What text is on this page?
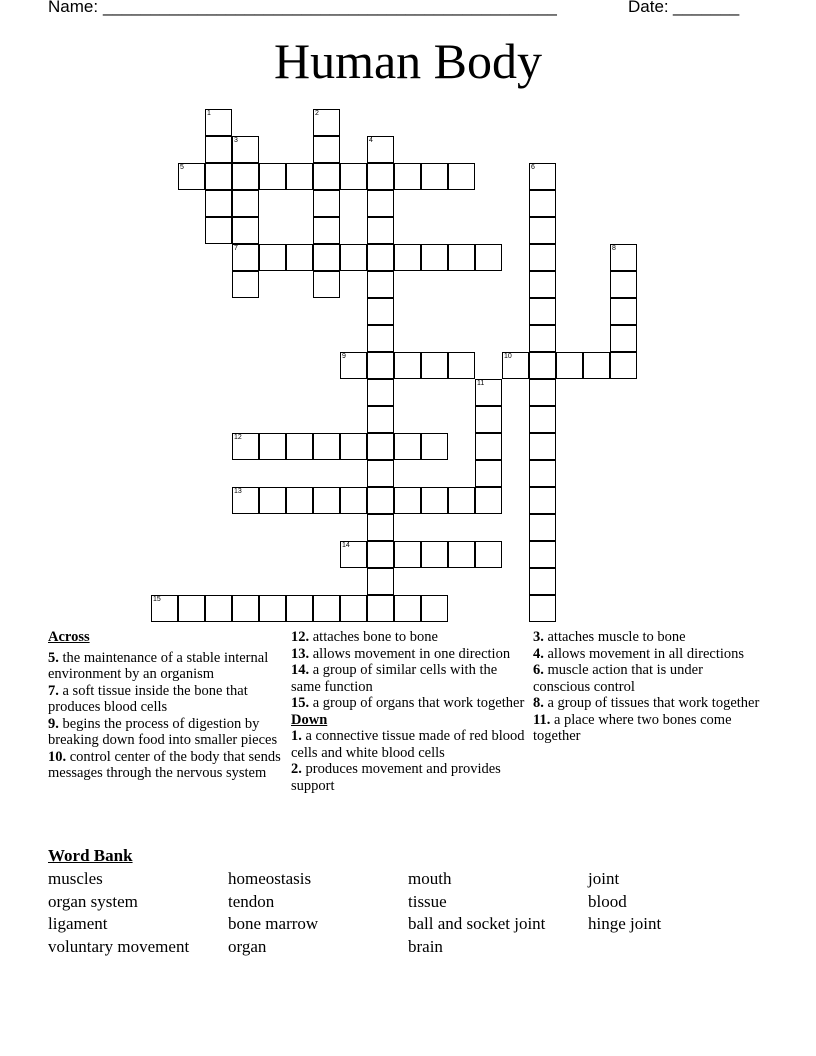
Name: ________________________________________________	Date: _______
Human Body
1	2
3
7
4
5	6
8
9	10
11
12
13
14
15
Across

5. the maintenance of a stable internal environment by an organism

7. a soft tissue inside the bone that produces blood cells

9. begins the process of digestion by breaking down food into smaller pieces

10. control center of the body that sends messages through the nervous system

12. attaches bone to bone

13. allows movement in one direction

14. a group of similar cells with the same function

15. a group of organs that work together

Down

1. a connective tissue made of red blood cells and white blood cells

2. produces movement and provides support

3. attaches muscle to bone

4. allows movement in all directions

6. muscle action that is under conscious control

8. a group of tissues that work together

11. a place where two bones come together

Word Bank
muscles
organ system
ligament
voluntary movement
homeostasis
tendon
bone marrow
organ
mouth
tissue
ball and socket joint
brain
joint
blood
hinge joint
